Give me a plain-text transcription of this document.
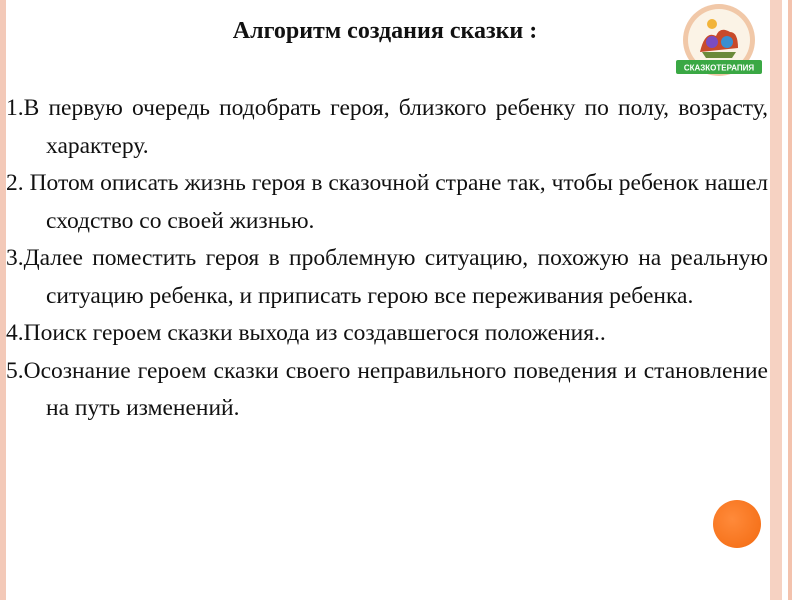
Алгоритм создания сказки :
СКАЗКОТЕРАПИЯ
1.В первую очередь подобрать героя, близкого ребенку по полу, возрасту, характеру.
2. Потом описать жизнь героя в сказочной стране так, чтобы ребенок нашел сходство со своей жизнью.
3.Далее поместить героя в проблемную ситуацию, похожую на реальную ситуацию ребенка, и приписать герою все переживания ребенка.
4.Поиск героем сказки выхода из создавшегося положения..
5.Осознание героем сказки своего неправильного поведения и становление на путь изменений.
